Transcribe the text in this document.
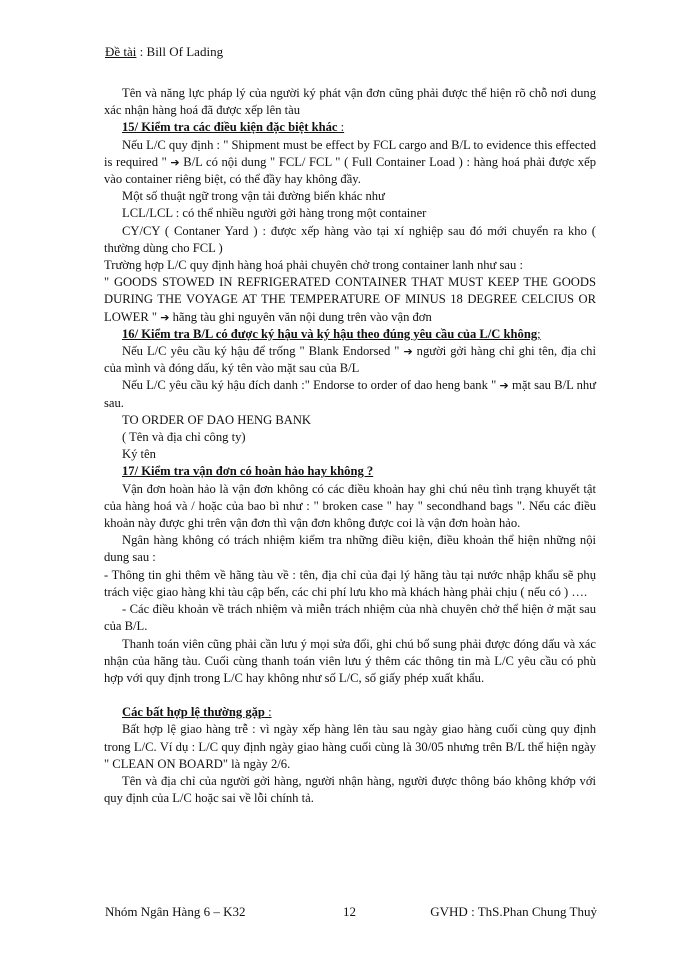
Đề tài : Bill Of Lading

Tên và năng lực pháp lý của người ký phát vận đơn cũng phải được thể hiện rõ chỗ nơi dung xác nhận hàng hoá đã được xếp lên tàu

15/ Kiểm tra các điều kiện đặc biệt khác :

Nếu L/C quy định : " Shipment must be effect by FCL cargo and B/L to evidence this effected is required " ➔ B/L có nội dung " FCL/ FCL " ( Full Container Load ) : hàng hoá phải được xếp vào container riêng biệt, có thể đầy hay không đầy.

Một số thuật ngữ trong vận tải đường biển khác như

LCL/LCL : có thể nhiều người gởi hàng trong một container

CY/CY ( Contaner Yard ) : được xếp hàng vào tại xí nghiệp sau đó mới chuyển ra kho ( thường dùng cho FCL )

Trường hợp L/C quy định hàng hoá phải chuyên chở trong container lanh như sau :

" GOODS STOWED IN REFRIGERATED CONTAINER THAT MUST KEEP THE GOODS DURING THE VOYAGE AT THE TEMPERATURE OF MINUS 18 DEGREE CELCIUS OR LOWER " ➔ hãng tàu ghi nguyên văn nội dung trên vào vận đơn

16/ Kiểm tra B/L có được ký hậu và ký hậu theo đúng yêu cầu của L/C không;

Nếu L/C yêu cầu ký hậu để trống " Blank Endorsed " ➔ người gởi hàng chỉ ghi tên, địa chỉ của mình và đóng dấu, ký tên vào mặt sau của B/L

Nếu L/C yêu cầu ký hậu đích danh :" Endorse to order of dao heng bank " ➔ mặt sau B/L như sau.

TO ORDER OF DAO HENG BANK

( Tên và địa chỉ công ty)

Ký tên

17/ Kiểm tra vận đơn có hoàn hảo hay không ?

Vận đơn hoàn hảo là vận đơn không có các điều khoản hay ghi chú nêu tình trạng khuyết tật của hàng hoá và / hoặc của bao bì như : " broken case " hay " secondhand bags ". Nếu các điều khoản này được ghi trên vận đơn thì vận đơn không được coi là vận đơn hoàn hảo.

Ngân hàng không có trách nhiệm kiểm tra những điều kiện, điều khoản thể hiện những nội dung sau :

- Thông tin ghi thêm về hãng tàu về : tên, địa chỉ của đại lý hãng tàu tại nước nhập khẩu sẽ phụ trách việc giao hàng khi tàu cập bến, các chi phí lưu kho mà khách hàng phải chịu ( nếu có ) ….

- Các điều khoản về trách nhiệm và miễn trách nhiệm của nhà chuyên chở thể hiện ở mặt sau của B/L.

Thanh toán viên cũng phải cần lưu ý mọi sửa đổi, ghi chú bổ sung phải được đóng dấu và xác nhận của hãng tàu. Cuối cùng thanh toán viên lưu ý thêm các thông tin mà L/C yêu cầu có phù hợp với quy định trong L/C hay không như số L/C, số giấy phép xuất khẩu.

Các bất hợp lệ thường gặp :

Bất hợp lệ giao hàng trễ : vì ngày xếp hàng lên tàu sau ngày giao hàng cuối cùng quy định trong L/C. Ví dụ : L/C quy định ngày giao hàng cuối cùng là 30/05 nhưng trên B/L thể hiện ngày " CLEAN ON BOARD" là ngày 2/6.

Tên và địa chỉ của người gởi hàng, người nhận hàng, người được thông báo không khớp với quy định của L/C hoặc sai về lỗi chính tả.

Nhóm Ngân Hàng 6 – K32	12	GVHD : ThS.Phan Chung Thuỷ
